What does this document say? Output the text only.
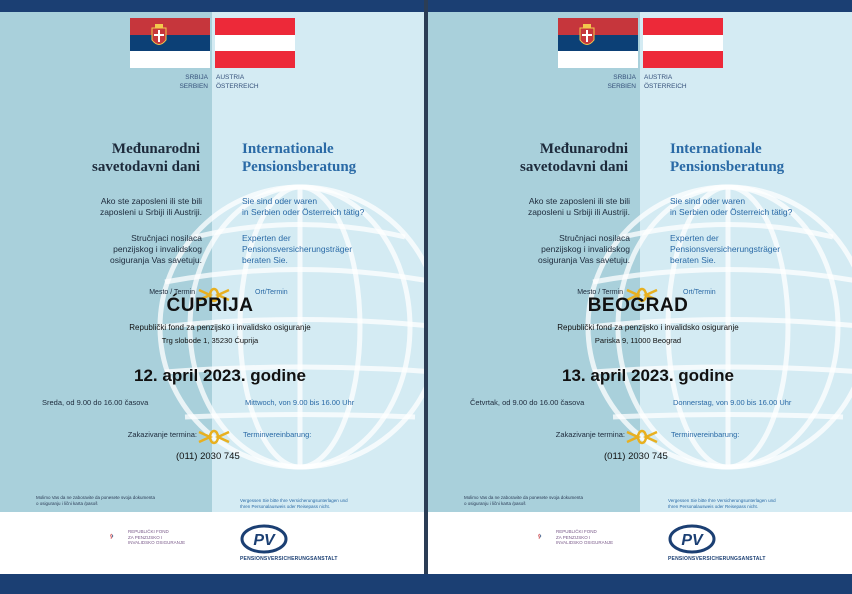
SRBIJA
SERBIEN
AUSTRIA
ÖSTERREICH
Međunarodni
savetodavni dani
Internationale
Pensionsberatung
Ako ste zaposleni ili ste bili
zaposleni u Srbiji ili Austriji.
Sie sind oder waren
in Serbien oder Österreich tätig?
Stručnjaci nosilaca
penzijskog i invalidskog
osiguranja Vas savetuju.
Experten der
Pensionsversicherungsträger
beraten Sie.
Mesto / Termin	Ort/Termin
ĆUPRIJA
Republički fond za penzijsko i invalidsko osiguranje
Trg slobode 1, 35230 Ćuprija
12. april 2023. godine
Sreda, od 9.00 do 16.00 časova	Mittwoch, von 9.00 bis 16.00 Uhr
Zakazivanje termina:	Terminvereinbarung:
(011) 2030 745
Molimo Vas da ne zaboravite da ponesete svoja dokumenta
o osiguranju i lični karta /pasoš
Vergessen Sie bitte Ihre Versicherungsunterlagen und
Ihren Personalausweis oder Reisepass nicht.
REPUBLIČKI FOND
ZA PENZIJSKO I
INVALIDSKO OSIGURANJE	PV
PENSIONSVERSICHERUNGSANSTALT
SRBIJA
SERBIEN
AUSTRIA
ÖSTERREICH
Međunarodni
savetodavni dani
Internationale
Pensionsberatung
Ako ste zaposleni ili ste bili
zaposleni u Srbiji ili Austriji.
Sie sind oder waren
in Serbien oder Österreich tätig?
Stručnjaci nosilaca
penzijskog i invalidskog
osiguranja Vas savetuju.
Experten der
Pensionsversicherungsträger
beraten Sie.
Mesto / Termin	Ort/Termin
BEOGRAD
Republički fond za penzijsko i invalidsko osiguranje
Pariska 9, 11000 Beograd
13. april 2023. godine
Četvrtak, od 9.00 do 16.00 časova	Donnerstag, von 9.00 bis 16.00 Uhr
Zakazivanje termina:	Terminvereinbarung:
(011) 2030 745
Molimo Vas da ne zaboravite da ponesete svoja dokumenta
o osiguranju i lični karta /pasoš
Vergessen Sie bitte Ihre Versicherungsunterlagen und
Ihren Personalausweis oder Reisepass nicht.
REPUBLIČKI FOND
ZA PENZIJSKO I
INVALIDSKO OSIGURANJE	PV
PENSIONSVERSICHERUNGSANSTALT
